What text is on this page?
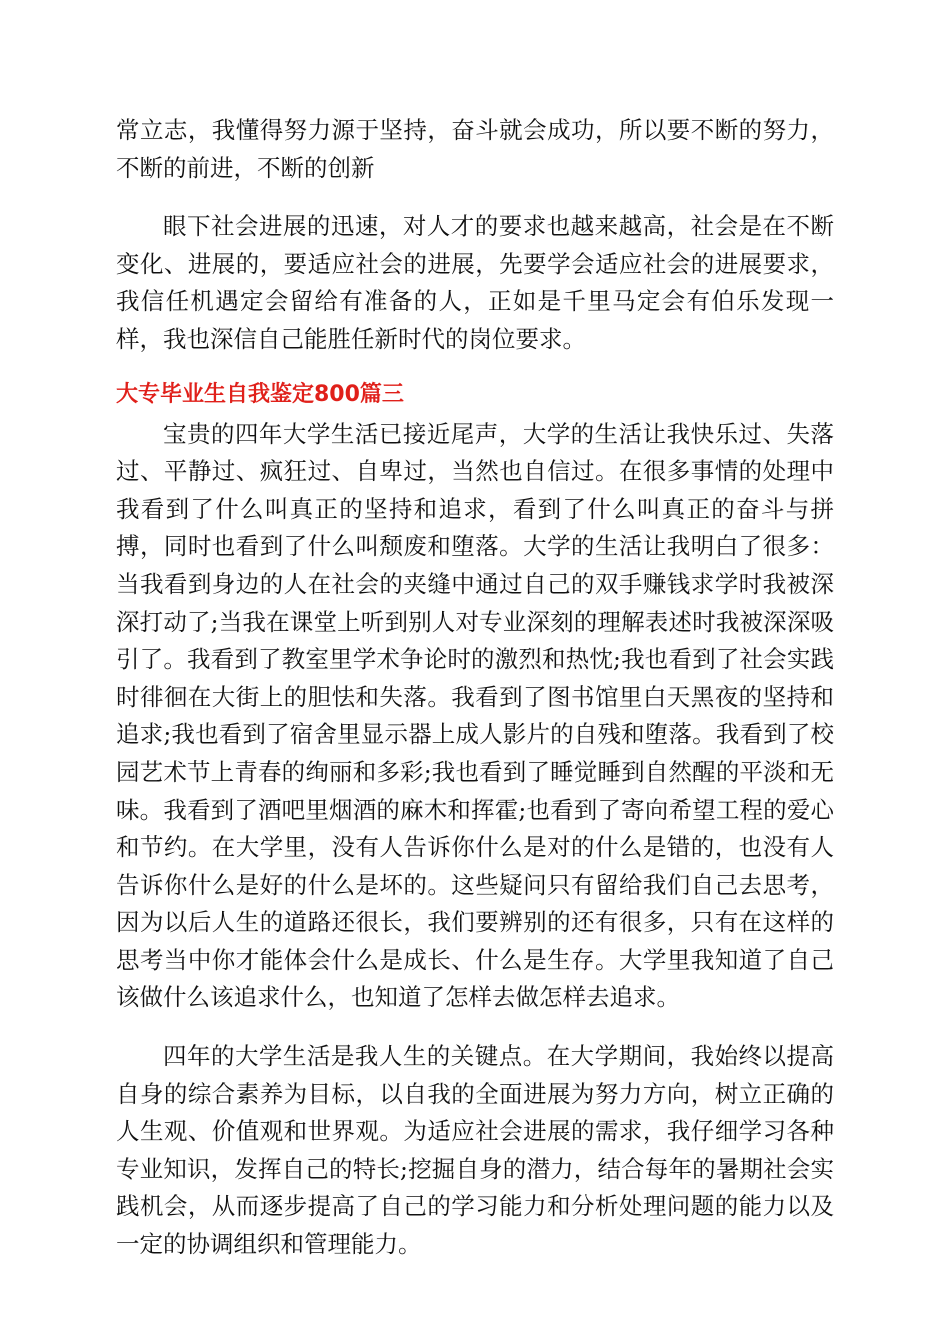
常立志，我懂得努力源于坚持，奋斗就会成功，所以要不断的努力，不断的前进，不断的创新

眼下社会进展的迅速，对人才的要求也越来越高，社会是在不断变化、进展的，要适应社会的进展，先要学会适应社会的进展要求，我信任机遇定会留给有准备的人，正如是千里马定会有伯乐发现一样，我也深信自己能胜任新时代的岗位要求。

大专毕业生自我鉴定800篇三

宝贵的四年大学生活已接近尾声，大学的生活让我快乐过、失落过、平静过、疯狂过、自卑过，当然也自信过。在很多事情的处理中我看到了什么叫真正的坚持和追求，看到了什么叫真正的奋斗与拼搏，同时也看到了什么叫颓废和堕落。大学的生活让我明白了很多：当我看到身边的人在社会的夹缝中通过自己的双手赚钱求学时我被深深打动了;当我在课堂上听到别人对专业深刻的理解表述时我被深深吸引了。我看到了教室里学术争论时的激烈和热忱;我也看到了社会实践时徘徊在大街上的胆怯和失落。我看到了图书馆里白天黑夜的坚持和追求;我也看到了宿舍里显示器上成人影片的自残和堕落。我看到了校园艺术节上青春的绚丽和多彩;我也看到了睡觉睡到自然醒的平淡和无味。我看到了酒吧里烟酒的麻木和挥霍;也看到了寄向希望工程的爱心和节约。在大学里，没有人告诉你什么是对的什么是错的，也没有人告诉你什么是好的什么是坏的。这些疑问只有留给我们自己去思考，因为以后人生的道路还很长，我们要辨别的还有很多，只有在这样的思考当中你才能体会什么是成长、什么是生存。大学里我知道了自己该做什么该追求什么，也知道了怎样去做怎样去追求。

四年的大学生活是我人生的关键点。在大学期间，我始终以提高自身的综合素养为目标，以自我的全面进展为努力方向，树立正确的人生观、价值观和世界观。为适应社会进展的需求，我仔细学习各种专业知识，发挥自己的特长;挖掘自身的潜力，结合每年的暑期社会实践机会，从而逐步提高了自己的学习能力和分析处理问题的能力以及一定的协调组织和管理能力。
